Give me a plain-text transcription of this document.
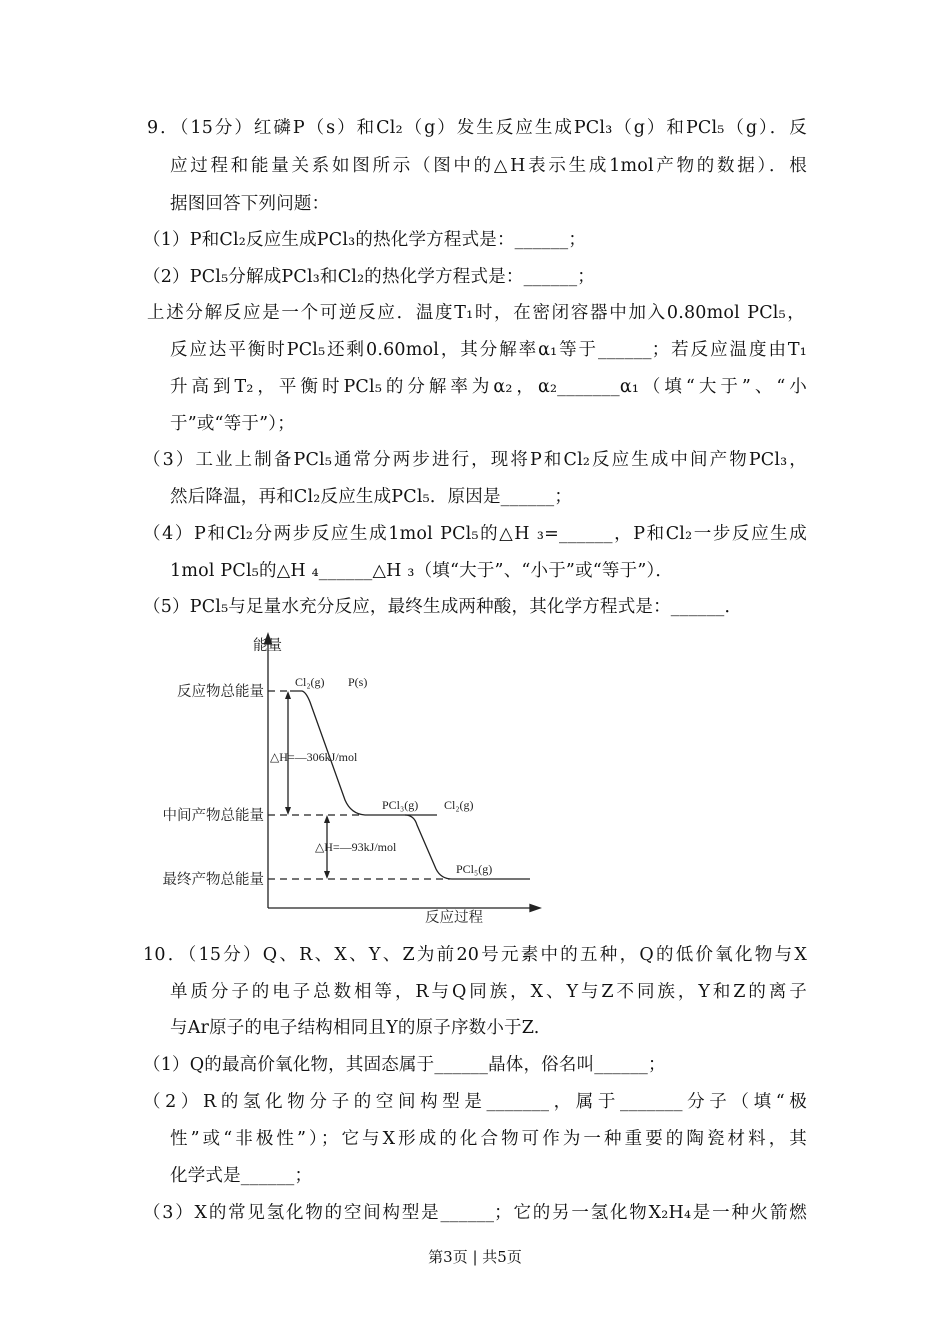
9．（15分）红磷P（s）和Cl₂（g）发生反应生成PCl₃（g）和PCl₅（g）．反
应过程和能量关系如图所示（图中的△H表示生成1mol产物的数据）．根
据图回答下列问题：
（1）P和Cl₂反应生成PCl₃的热化学方程式是：______；
（2）PCl₅分解成PCl₃和Cl₂的热化学方程式是：______；
上述分解反应是一个可逆反应．温度T₁时，在密闭容器中加入0.80mol PCl₅，
反应达平衡时PCl₅还剩0.60mol，其分解率α₁等于______；若反应温度由T₁
升高到T₂，平衡时PCl₅的分解率为α₂，α₂_______α₁（填“大于”、“小
于”或“等于”）；
（3）工业上制备PCl₅通常分两步进行，现将P和Cl₂反应生成中间产物PCl₃，
然后降温，再和Cl₂反应生成PCl₅．原因是______；
（4）P和Cl₂分两步反应生成1mol PCl₅的△H ₃=______，P和Cl₂一步反应生成
1mol PCl₅的△H ₄______△H ₃（填“大于”、“小于”或“等于”）．
（5）PCl₅与足量水充分反应，最终生成两种酸，其化学方程式是：______．
能量
反应过程
反应物总能量
中间产物总能量
最终产物总能量
Cl₂(g) P(s)
△H=—306kJ/mol
PCl₃(g) Cl₂(g)
△H=—93kJ/mol
PCl₅(g)
10．（15分）Q、R、X、Y、Z为前20号元素中的五种，Q的低价氧化物与X
单质分子的电子总数相等，R与Q同族，X、Y与Z不同族，Y和Z的离子
与Ar原子的电子结构相同且Y的原子序数小于Z.
（1）Q的最高价氧化物，其固态属于______晶体，俗名叫______；
（2）R的氢化物分子的空间构型是_______，属于_______分子（填“极
性”或“非极性”）；它与X形成的化合物可作为一种重要的陶瓷材料，其
化学式是______；
（3）X的常见氢化物的空间构型是______；它的另一氢化物X₂H₄是一种火箭燃
第3页 | 共5页
